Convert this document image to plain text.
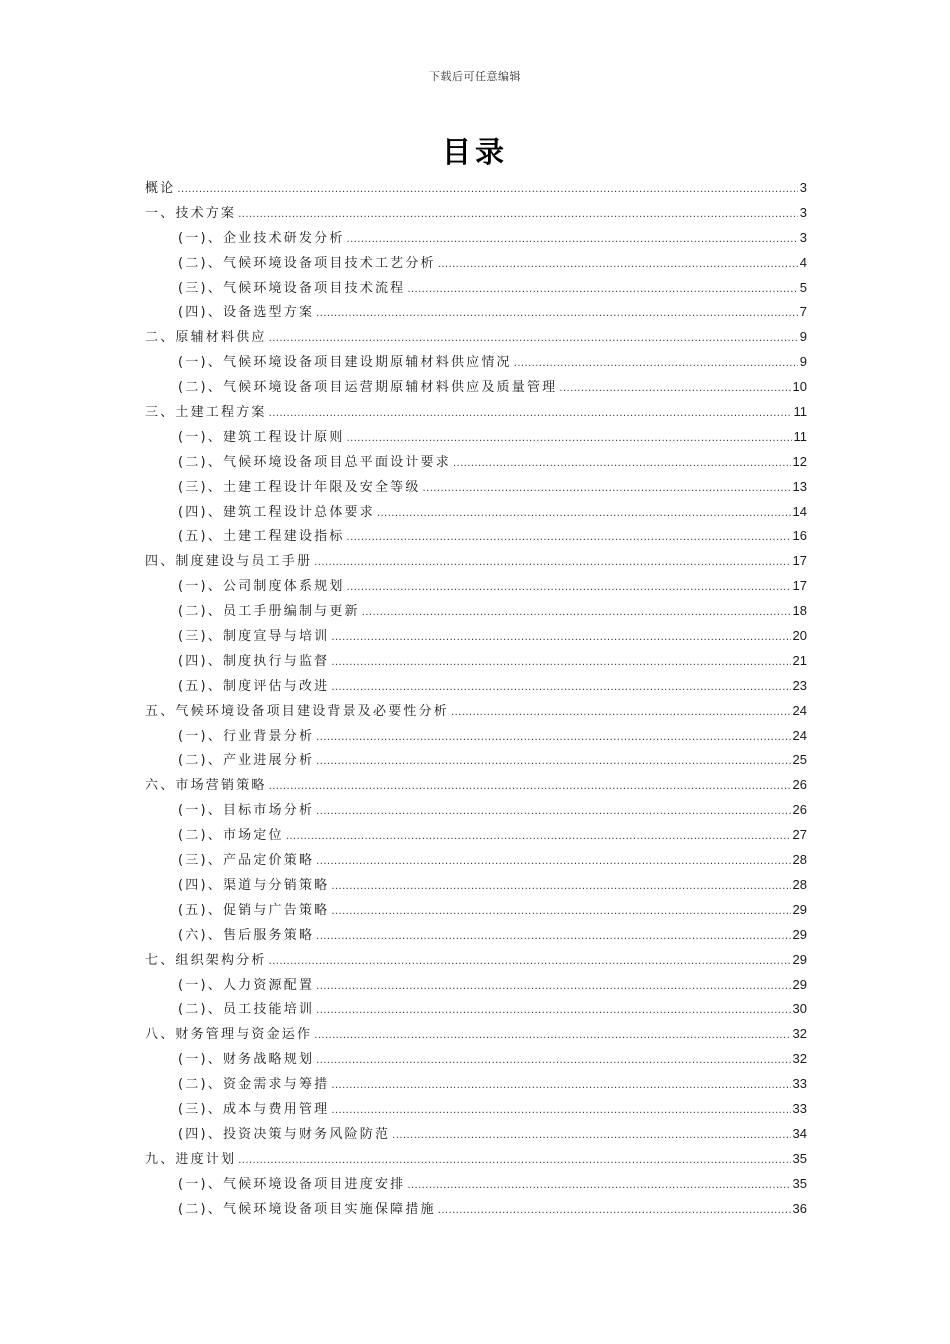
下载后可任意编辑
目录
概论 .....	3
一、技术方案 .....	3
(一)、企业技术研发分析 .....	3
(二)、气候环境设备项目技术工艺分析 .....	4
(三)、气候环境设备项目技术流程 .....	5
(四)、设备选型方案 .....	7
二、原辅材料供应 .....	9
(一)、气候环境设备项目建设期原辅材料供应情况 .....	9
(二)、气候环境设备项目运营期原辅材料供应及质量管理 .....	10
三、土建工程方案 .....	11
(一)、建筑工程设计原则 .....	11
(二)、气候环境设备项目总平面设计要求 .....	12
(三)、土建工程设计年限及安全等级 .....	13
(四)、建筑工程设计总体要求 .....	14
(五)、土建工程建设指标 .....	16
四、制度建设与员工手册 .....	17
(一)、公司制度体系规划 .....	17
(二)、员工手册编制与更新 .....	18
(三)、制度宣导与培训 .....	20
(四)、制度执行与监督 .....	21
(五)、制度评估与改进 .....	23
五、气候环境设备项目建设背景及必要性分析 .....	24
(一)、行业背景分析 .....	24
(二)、产业进展分析 .....	25
六、市场营销策略 .....	26
(一)、目标市场分析 .....	26
(二)、市场定位 .....	27
(三)、产品定价策略 .....	28
(四)、渠道与分销策略 .....	28
(五)、促销与广告策略 .....	29
(六)、售后服务策略 .....	29
七、组织架构分析 .....	29
(一)、人力资源配置 .....	29
(二)、员工技能培训 .....	30
八、财务管理与资金运作 .....	32
(一)、财务战略规划 .....	32
(二)、资金需求与筹措 .....	33
(三)、成本与费用管理 .....	33
(四)、投资决策与财务风险防范 .....	34
九、进度计划 .....	35
(一)、气候环境设备项目进度安排 .....	35
(二)、气候环境设备项目实施保障措施 .....	36
